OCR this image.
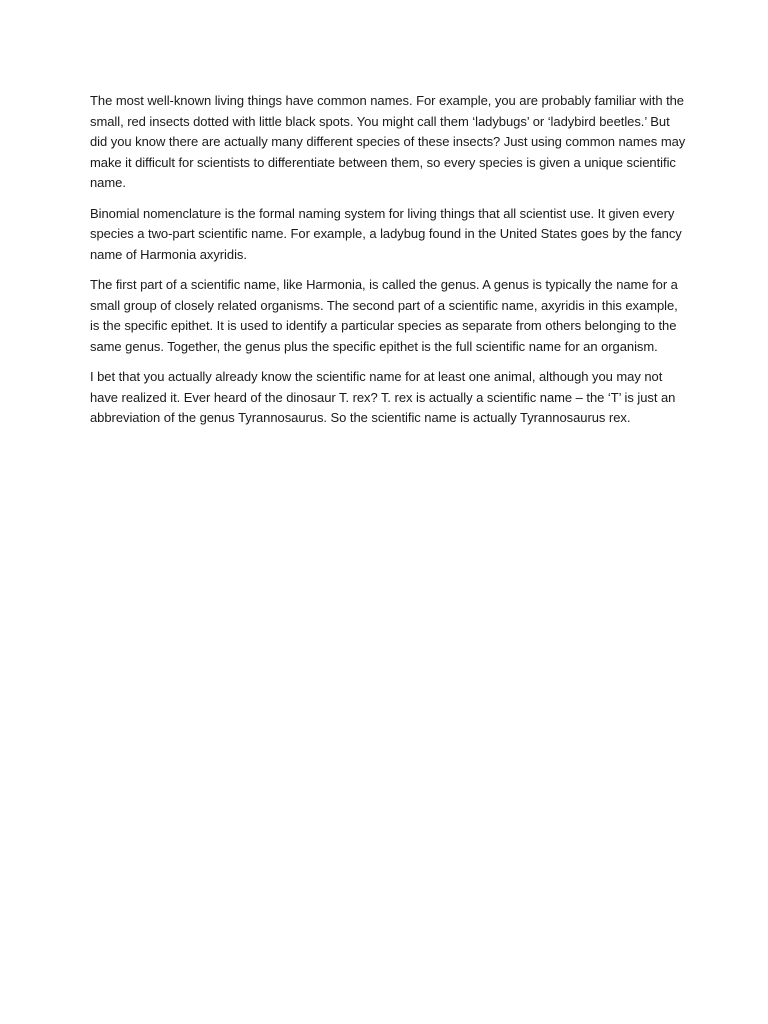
The most well-known living things have common names. For example, you are probably familiar with the small, red insects dotted with little black spots. You might call them ‘ladybugs’ or ‘ladybird beetles.’ But did you know there are actually many different species of these insects? Just using common names may make it difficult for scientists to differentiate between them, so every species is given a unique scientific name.

Binomial nomenclature is the formal naming system for living things that all scientist use. It given every species a two-part scientific name. For example, a ladybug found in the United States goes by the fancy name of Harmonia axyridis.

The first part of a scientific name, like Harmonia, is called the genus. A genus is typically the name for a small group of closely related organisms. The second part of a scientific name, axyridis in this example, is the specific epithet. It is used to identify a particular species as separate from others belonging to the same genus. Together, the genus plus the specific epithet is the full scientific name for an organism.

I bet that you actually already know the scientific name for at least one animal, although you may not have realized it. Ever heard of the dinosaur T. rex? T. rex is actually a scientific name – the ‘T’ is just an abbreviation of the genus Tyrannosaurus. So the scientific name is actually Tyrannosaurus rex.
